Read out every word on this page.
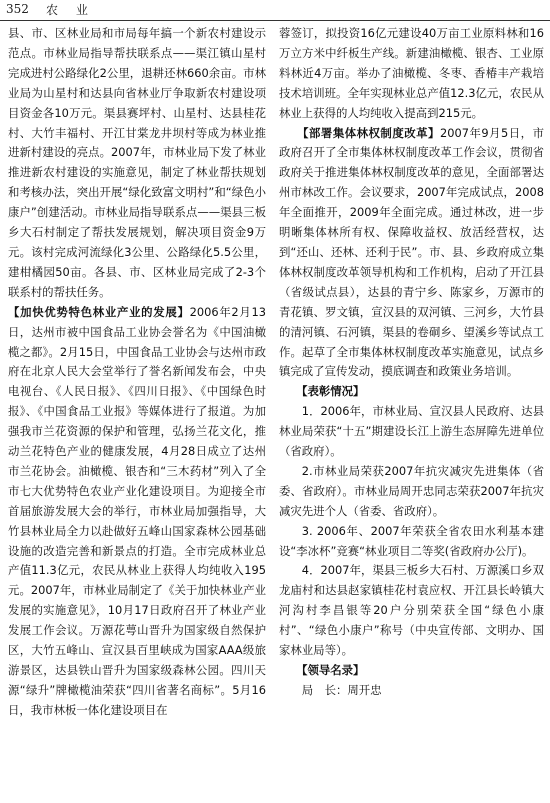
352 农 业

县、市、区林业局和市局每年搞一个新农村建设示范点。市林业局指导帮扶联系点——渠江镇山星村完成进村公路绿化2公里，退耕还林660余亩。市林业局为山星村和达县向省林业厅争取新农村建设项目资金各10万元。渠县赛坪村、山星村、达县桂花村、大竹丰福村、开江甘棠龙井坝村等成为林业推进新村建设的亮点。2007年，市林业局下发了林业推进新农村建设的实施意见，制定了林业帮扶规划和考核办法，突出开展“绿化致富文明村”和“绿色小康户”创建活动。市林业局指导联系点——渠县三板乡大石村制定了帮扶发展规划，解决项目资金9万元。该村完成河流绿化3公里、公路绿化5.5公里，建柑橘园50亩。各县、市、区林业局完成了2-3个联系村的帮扶任务。

【加快优势特色林业产业的发展】2006年2月13日，达州市被中国食品工业协会誉名为《中国油橄榄之都》。2月15日，中国食品工业协会与达州市政府在北京人民大会堂举行了誉名新闻发布会，中央电视台、《人民日报》、《四川日报》、《中国绿色时报》、《中国食品工业报》等媒体进行了报道。为加强我市兰花资源的保护和管理，弘扬兰花文化，推动兰花特色产业的健康发展，4月28日成立了达州市兰花协会。油橄榄、银杏和“三木药材”列入了全市七大优势特色农业产业化建设项目。为迎接全市首届旅游发展大会的举行，市林业局加强指导，大竹县林业局全力以赴做好五峰山国家森林公园基础设施的改造完善和新景点的打造。全市完成林业总产值11.3亿元，农民从林业上获得人均纯收入195元。2007年，市林业局制定了《关于加快林业产业发展的实施意见》，10月17日政府召开了林业产业发展工作会议。万源花萼山晋升为国家级自然保护区，大竹五峰山、宣汉县百里峡成为国家AAA级旅游景区，达县铁山晋升为国家级森林公园。四川天源“绿升”牌橄榄油荣获“四川省著名商标”。5月16日，我市林板一体化建设项目在

蓉签订，拟投资16亿元建设40万亩工业原料林和16万立方米中纤板生产线。新建油橄榄、银杏、工业原料林近4万亩。举办了油橄榄、冬枣、香椿丰产栽培技术培训班。全年实现林业总产值12.3亿元，农民从林业上获得的人均纯收入提高到215元。

　　【部署集体林权制度改革】2007年9月5日，市政府召开了全市集体林权制度改革工作会议，贯彻省政府关于推进集体林权制度改革的意见，全面部署达州市林改工作。会议要求，2007年完成试点，2008年全面推开，2009年全面完成。通过林改，进一步明晰集体林所有权、保障收益权、放活经营权，达到“还山、还林、还利于民”。市、县、乡政府成立集体林权制度改革领导机构和工作机构，启动了开江县（省级试点县），达县的青宁乡、陈家乡，万源市的青花镇、罗文镇，宣汉县的双河镇、三河乡，大竹县的清河镇、石河镇，渠县的卷硐乡、望溪乡等试点工作。起草了全市集体林权制度改革实施意见，试点乡镇完成了宣传发动，摸底调查和政策业务培训。

　　【表彰情况】

1．2006年，市林业局、宣汉县人民政府、达县林业局荣获“十五”期建设长江上游生态屏障先进单位（省政府）。

2.市林业局荣获2007年抗灾减灾先进集体（省委、省政府）。市林业局周开忠同志荣获2007年抗灾减灾先进个人（省委、省政府）。

3. 2006年、2007年荣获全省农田水利基本建设“李冰杯”竞赛“林业项目二等奖(省政府办公厅)。

4．2007年，渠县三板乡大石村、万源溪口乡双龙庙村和达县赵家镇桂花村袁应权、开江县长岭镇大河沟村李昌银等20户分别荣获全国“绿色小康村”、“绿色小康户”称号（中央宣传部、文明办、国家林业局等）。

　　【领导名录】

局　长：周开忠
